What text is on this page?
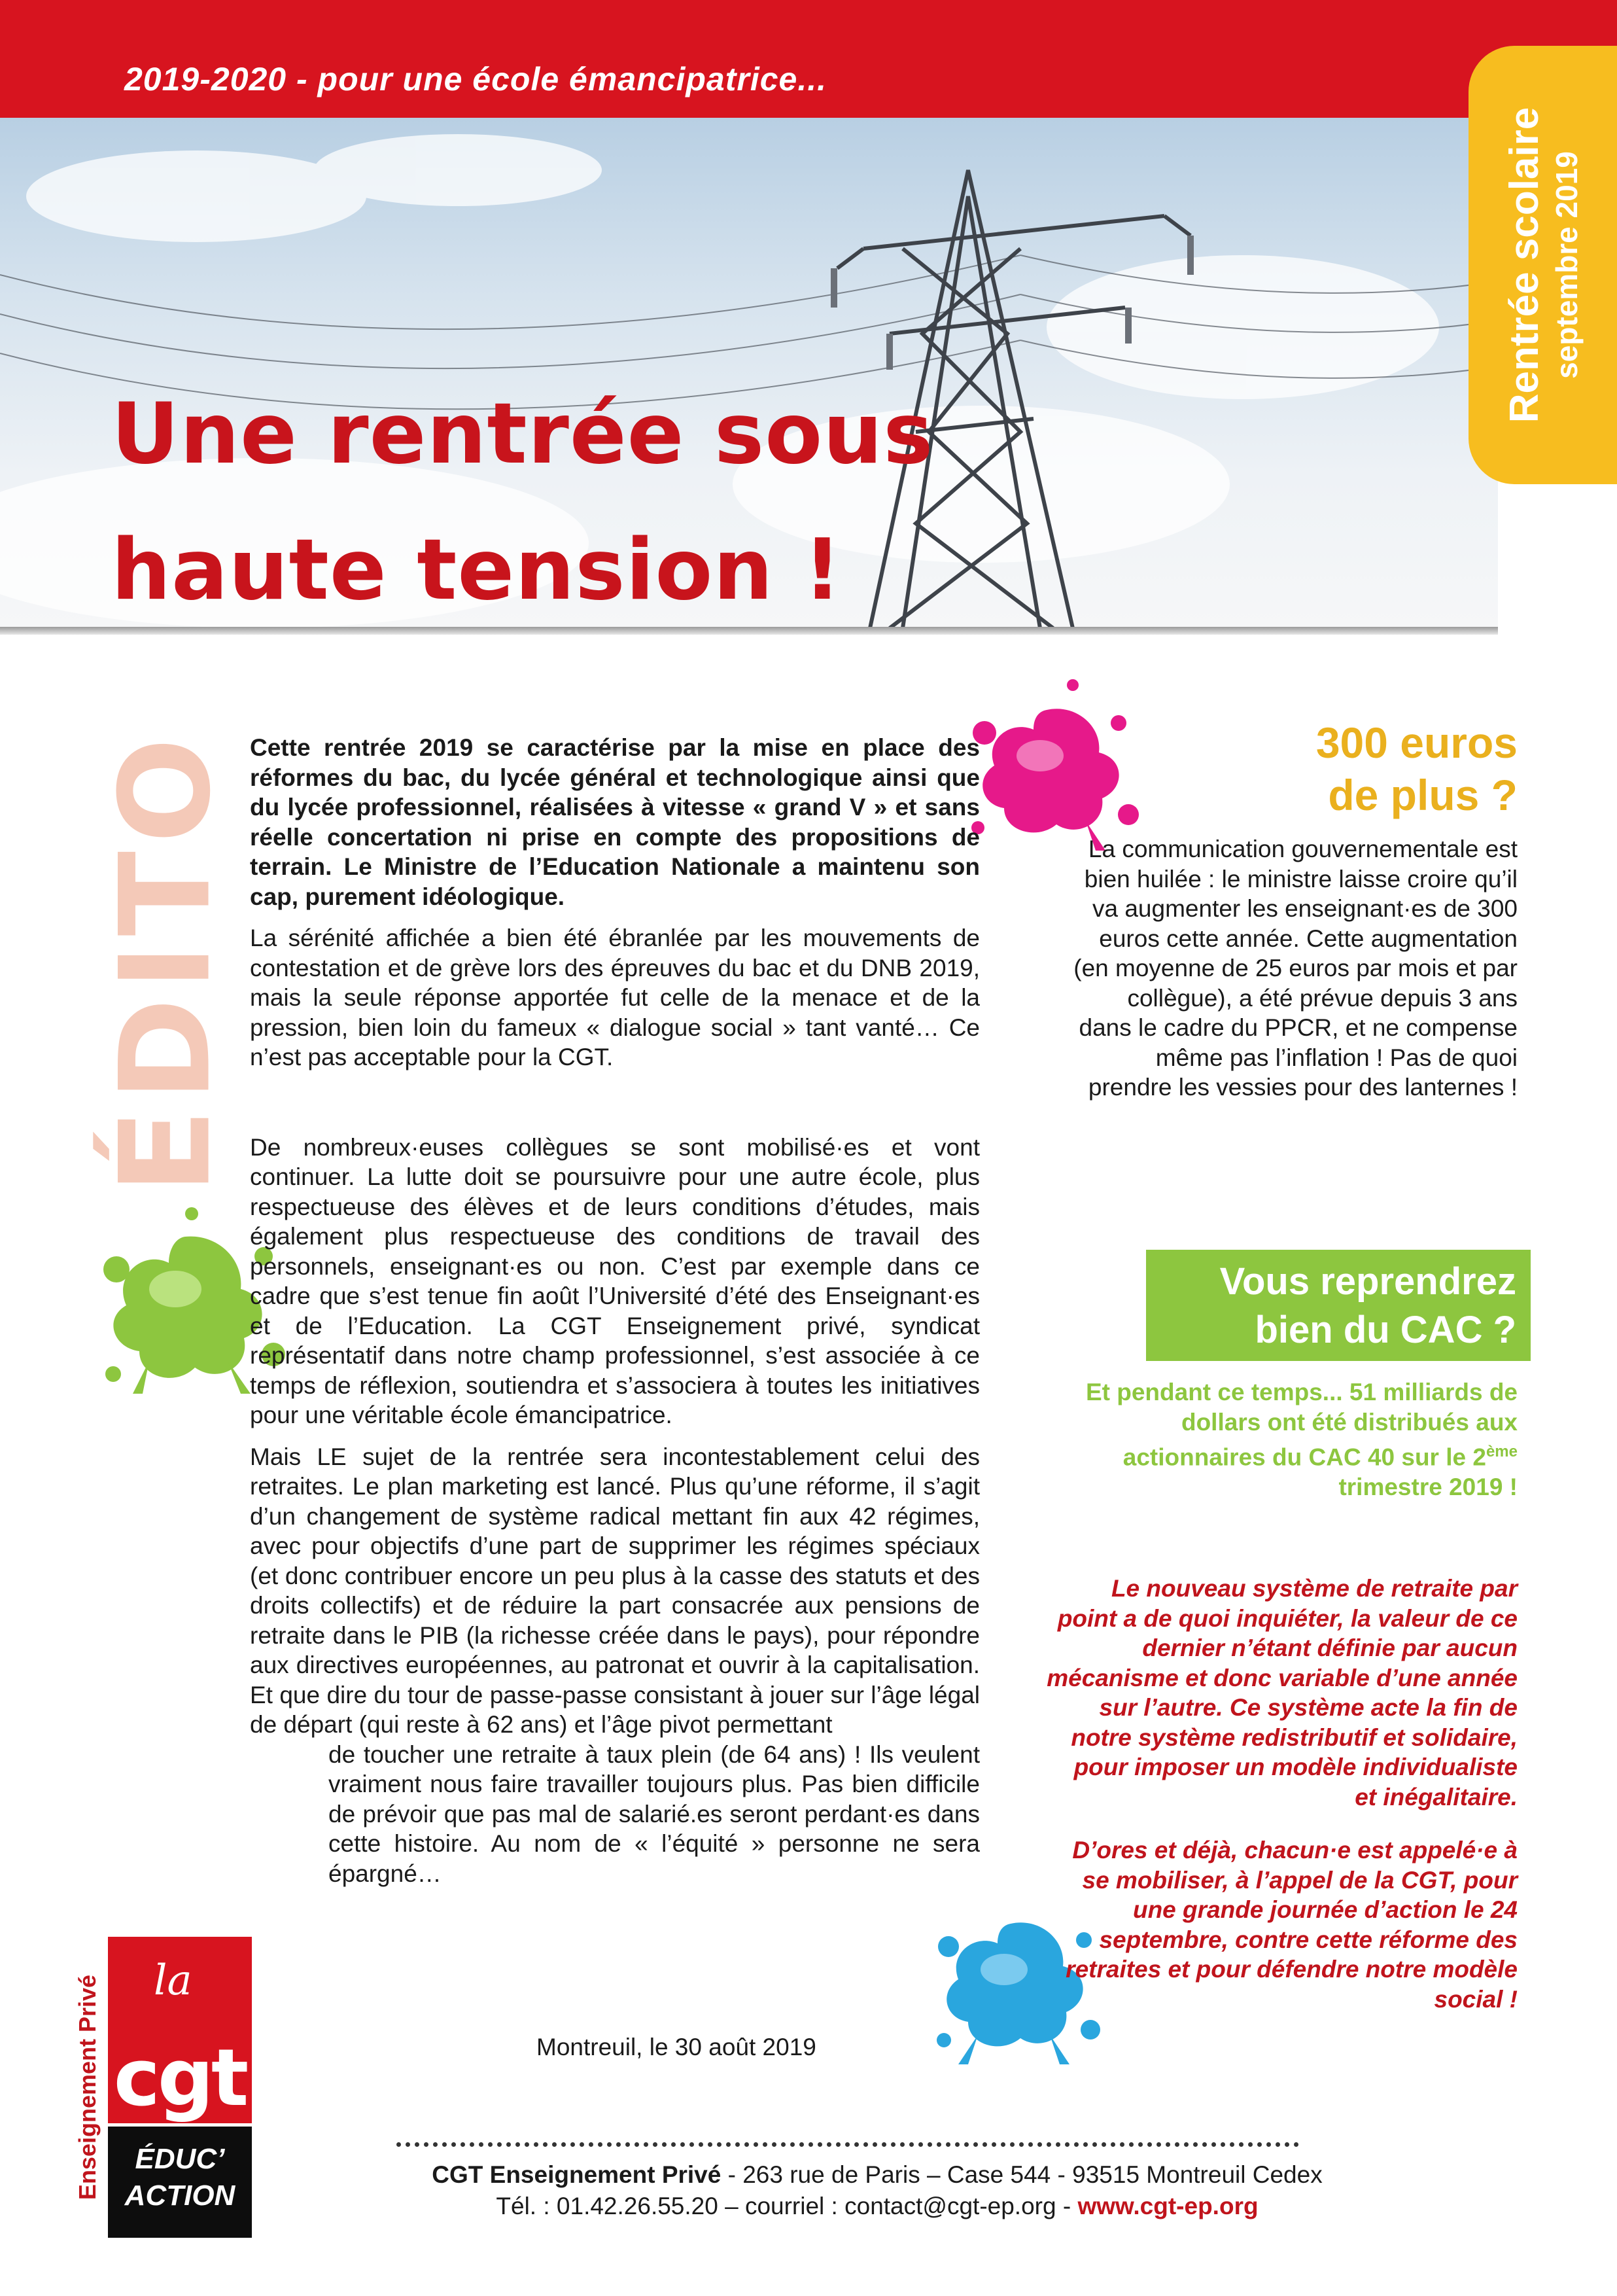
2019-2020 - pour une école émancipatrice...
Une rentrée sous
haute tension !
Rentrée scolaire septembre 2019
ÉDITO Cette rentrée 2019 se caractérise par la mise en place des réformes du bac, du lycée général et technologique ainsi que du lycée professionnel, réalisées à vitesse « grand V » et sans réelle concertation ni prise en compte des propositions de terrain. Le Ministre de l’Education Nationale a maintenu son cap, purement idéologique.

La sérénité affichée a bien été ébranlée par les mouvements de contestation et de grève lors des épreuves du bac et du DNB 2019, mais la seule réponse apportée fut celle de la menace et de la pression, bien loin du fameux « dialogue social » tant vanté… Ce n’est pas acceptable pour la CGT.

De nombreux·euses collègues se sont mobilisé·es et vont continuer. La lutte doit se poursuivre pour une autre école, plus respectueuse des élèves et de leurs conditions d’études, mais également plus respectueuse des conditions de travail des personnels, enseignant·es ou non. C’est par exemple dans ce cadre que s’est tenue fin août l’Université d’été des Enseignant·es et de l’Education. La CGT Enseignement privé, syndicat représentatif dans notre champ professionnel, s’est associée à ce temps de réflexion, soutiendra et s’associera à toutes les initiatives pour une véritable école émancipatrice.

Mais LE sujet de la rentrée sera incontestablement celui des retraites. Le plan marketing est lancé. Plus qu’une réforme, il s’agit d’un changement de système radical mettant fin aux 42 régimes, avec pour objectifs d’une part de supprimer les régimes spéciaux (et donc contribuer encore un peu plus à la casse des statuts et des droits collectifs) et de réduire la part consacrée aux pensions de retraite dans le PIB (la richesse créée dans le pays), pour répondre aux directives européennes, au patronat et ouvrir à la capitalisation. Et que dire du tour de passe-passe consistant à jouer sur l’âge légal de départ (qui reste à 62 ans) et l’âge pivot permettant

de toucher une retraite à taux plein (de 64 ans) ! Ils veulent vraiment nous faire travailler toujours plus. Pas bien difficile de prévoir que pas mal de salarié.es seront perdant·es dans cette histoire. Au nom de « l’équité » personne ne sera épargné…

Montreuil, le 30 août 2019

300 euros
de plus ?

La communication gouvernementale est bien huilée : le ministre laisse croire qu’il va augmenter les enseignant·es de 300 euros cette année. Cette augmentation (en moyenne de 25 euros par mois et par collègue), a été prévue depuis 3 ans dans le cadre du PPCR, et ne compense même pas l’inflation ! Pas de quoi prendre les vessies pour des lanternes !

Vous reprendrez
bien du CAC ?
Et pendant ce temps... 51 milliards de dollars ont été distribués aux actionnaires du CAC 40 sur le 2ème trimestre 2019 !

Le nouveau système de retraite par point a de quoi inquiéter, la valeur de ce dernier n’étant définie par aucun mécanisme et donc variable d’une année sur l’autre. Ce système acte la fin de notre système redistributif et solidaire, pour imposer un modèle individualiste et inégalitaire.

D’ores et déjà, chacun·e est appelé·e à se mobiliser, à l’appel de la CGT, pour une grande journée d’action le 24 septembre, contre cette réforme des retraites et pour défendre notre modèle social !

Enseignement Privé la
cgt
ÉDUC’
ACTION
CGT Enseignement Privé - 263 rue de Paris – Case 544 - 93515 Montreuil Cedex
Tél. : 01.42.26.55.20 – courriel : contact@cgt-ep.org - www.cgt-ep.org
